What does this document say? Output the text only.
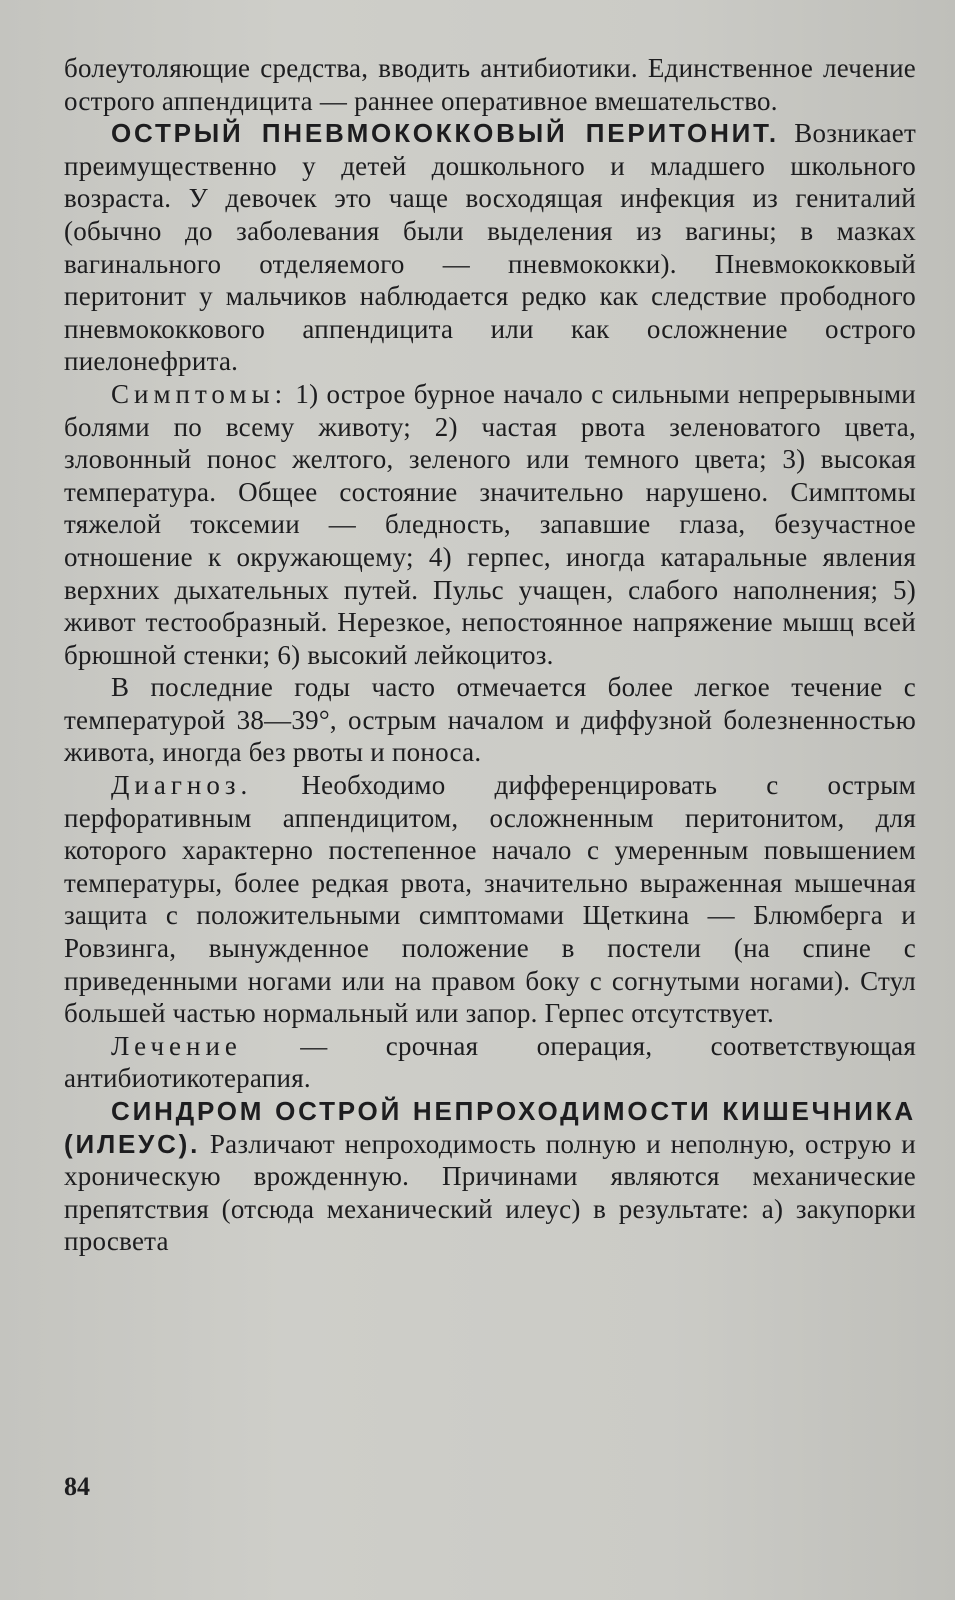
болеутоляющие средства, вводить антибиотики. Единственное лечение острого аппендицита — раннее оперативное вмешательство.

ОСТРЫЙ ПНЕВМОКОККОВЫЙ ПЕРИТОНИТ. Возникает преимущественно у детей дошкольного и младшего школьного возраста. У девочек это чаще восходящая инфекция из гениталий (обычно до заболевания были выделения из вагины; в мазках вагинального отделяемого — пневмококки). Пневмококковый перитонит у мальчиков наблюдается редко как следствие прободного пневмококкового аппендицита или как осложнение острого пиелонефрита.

Симптомы: 1) острое бурное начало с сильными непрерывными болями по всему животу; 2) частая рвота зеленоватого цвета, зловонный понос желтого, зеленого или темного цвета; 3) высокая температура. Общее состояние значительно нарушено. Симптомы тяжелой токсемии — бледность, запавшие глаза, безучастное отношение к окружающему; 4) герпес, иногда катаральные явления верхних дыхательных путей. Пульс учащен, слабого наполнения; 5) живот тестообразный. Нерезкое, непостоянное напряжение мышц всей брюшной стенки; 6) высокий лейкоцитоз.

В последние годы часто отмечается более легкое течение с температурой 38—39°, острым началом и диффузной болезненностью живота, иногда без рвоты и поноса.

Диагноз. Необходимо дифференцировать с острым перфоративным аппендицитом, осложненным перитонитом, для которого характерно постепенное начало с умеренным повышением температуры, более редкая рвота, значительно выраженная мышечная защита с положительными симптомами Щеткина — Блюмберга и Ровзинга, вынужденное положение в постели (на спине с приведенными ногами или на правом боку с согнутыми ногами). Стул большей частью нормальный или запор. Герпес отсутствует.

Лечение — срочная операция, соответствующая антибиотикотерапия.

СИНДРОМ ОСТРОЙ НЕПРОХОДИМОСТИ КИШЕЧНИКА (ИЛЕУС). Различают непроходимость полную и неполную, острую и хроническую врожденную. Причинами являются механические препятствия (отсюда механический илеус) в результате: а) закупорки просвета

84
